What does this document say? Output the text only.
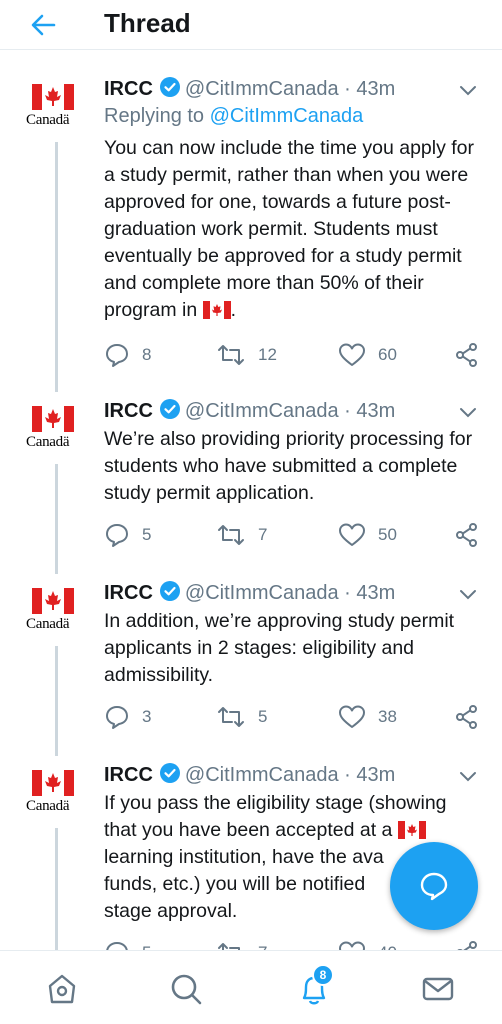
Thread
Canadä
IRCC @CitImmCanada · 43m
Replying to @CitImmCanada
You can now include the time you apply for a study permit, rather than when you were approved for one, towards a future post-graduation work permit. Students must eventually be approved for a study permit and complete more than 50% of their program in .
8	12	60
Canadä
IRCC @CitImmCanada · 43m
We’re also providing priority processing for students who have submitted a complete study permit application.
5	7	50
Canadä
IRCC @CitImmCanada · 43m
In addition, we’re approving study permit applicants in 2 stages: eligibility and admissibility.
3	5	38
Canadä
IRCC @CitImmCanada · 43m
If you pass the eligibility stage (showing that you have been accepted at a
learning institution, have the ava
funds, etc.) you will be notified
stage approval.
8
